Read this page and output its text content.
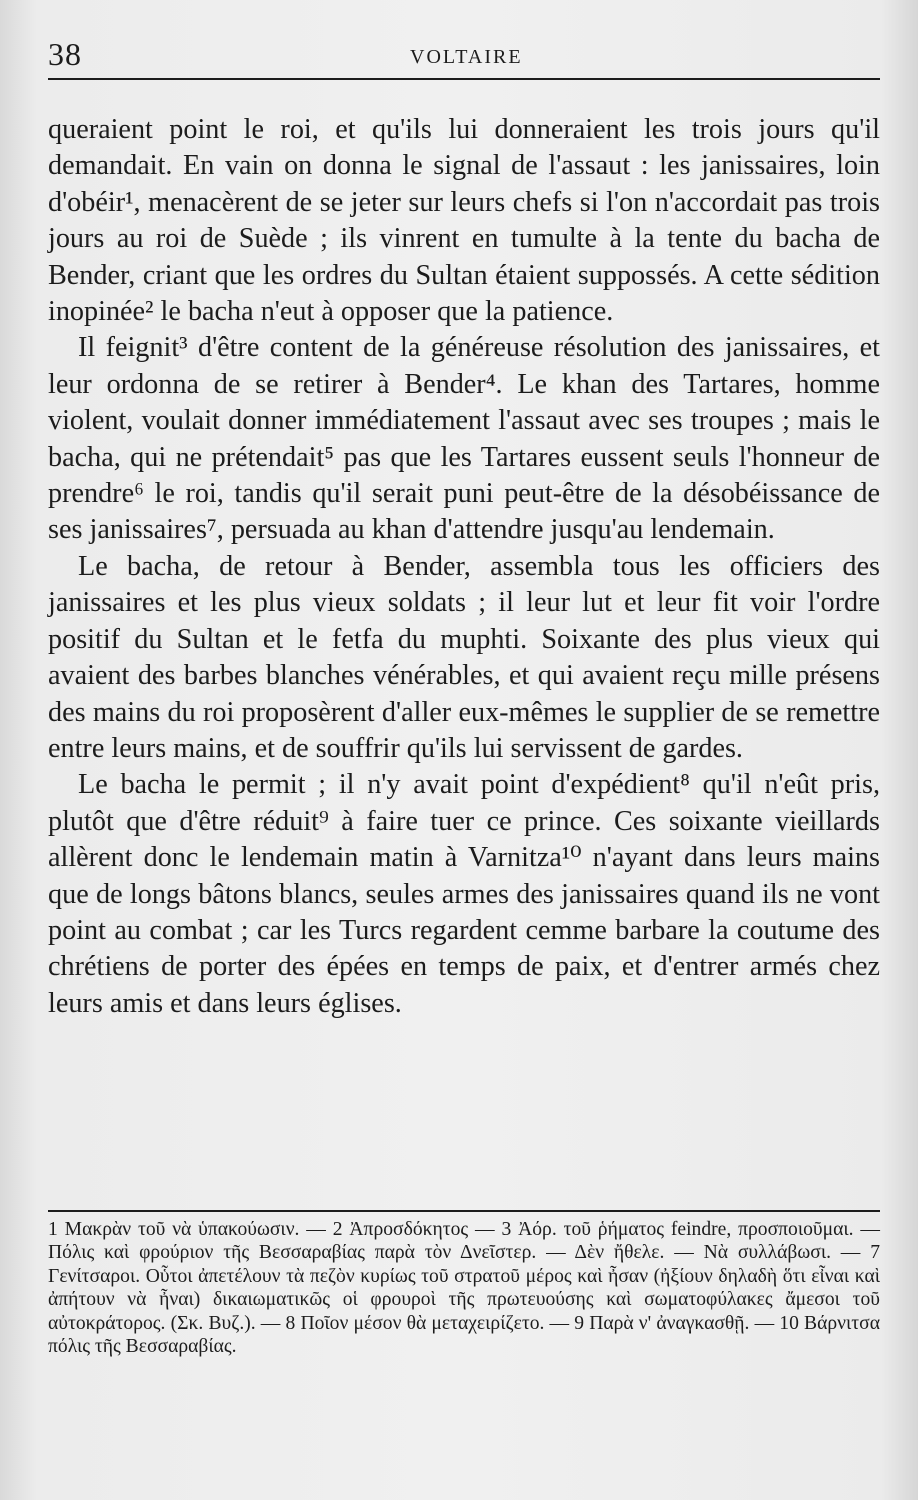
38	VOLTAIRE

queraient point le roi, et qu'ils lui donneraient les trois jours qu'il demandait. En vain on donna le signal de l'assaut : les janissaires, loin d'obéir¹, menacèrent de se jeter sur leurs chefs si l'on n'accordait pas trois jours au roi de Suède ; ils vinrent en tumulte à la tente du bacha de Bender, criant que les ordres du Sultan étaient suppossés. A cette sédition inopinée² le bacha n'eut à opposer que la patience.

Il feignit³ d'être content de la généreuse résolution des janissaires, et leur ordonna de se retirer à Bender⁴. Le khan des Tartares, homme violent, voulait donner immédiatement l'assaut avec ses troupes ; mais le bacha, qui ne prétendait⁵ pas que les Tartares eussent seuls l'honneur de prendre⁶ le roi, tandis qu'il serait puni peut-être de la désobéissance de ses janissaires⁷, persuada au khan d'attendre jusqu'au lendemain.

Le bacha, de retour à Bender, assembla tous les officiers des janissaires et les plus vieux soldats ; il leur lut et leur fit voir l'ordre positif du Sultan et le fetfa du muphti. Soixante des plus vieux qui avaient des barbes blanches vénérables, et qui avaient reçu mille présens des mains du roi proposèrent d'aller eux-mêmes le supplier de se remettre entre leurs mains, et de souffrir qu'ils lui servissent de gardes.

Le bacha le permit ; il n'y avait point d'expédient⁸ qu'il n'eût pris, plutôt que d'être réduit⁹ à faire tuer ce prince. Ces soixante vieillards allèrent donc le lendemain matin à Varnitza¹⁰ n'ayant dans leurs mains que de longs bâtons blancs, seules armes des janissaires quand ils ne vont point au combat ; car les Turcs regardent cemme barbare la coutume des chrétiens de porter des épées en temps de paix, et d'entrer armés chez leurs amis et dans leurs églises.

1 Μακρὰν τοῦ νὰ ὑπακούωσιν. — 2 Ἀπροσδόκητος — 3 Ἀόρ. τοῦ ῥήματος feindre, προσποιοῦμαι. — Πόλις καὶ φρούριον τῆς Βεσσαραβίας παρὰ τὸν Δνεῖστερ. — Δὲν ἤθελε. — Νὰ συλλάβωσι. — 7 Γενίτσαροι. Οὗτοι ἀπετέλουν τὰ πεζὸν κυρίως τοῦ στρατοῦ μέρος καὶ ἦσαν (ἠξίουν δηλαδὴ ὅτι εἶναι καὶ ἀπήτουν νὰ ἦναι) δικαιωματικῶς οἱ φρουροὶ τῆς πρωτευούσης καὶ σωματοφύλακες ἄμεσοι τοῦ αὐτοκράτορος. (Σκ. Βυζ.). — 8 Ποῖον μέσον θὰ μεταχειρίζετο. — 9 Παρὰ ν' ἀναγκασθῇ. — 10 Βάρνιτσα πόλις τῆς Βεσσαραβίας.
